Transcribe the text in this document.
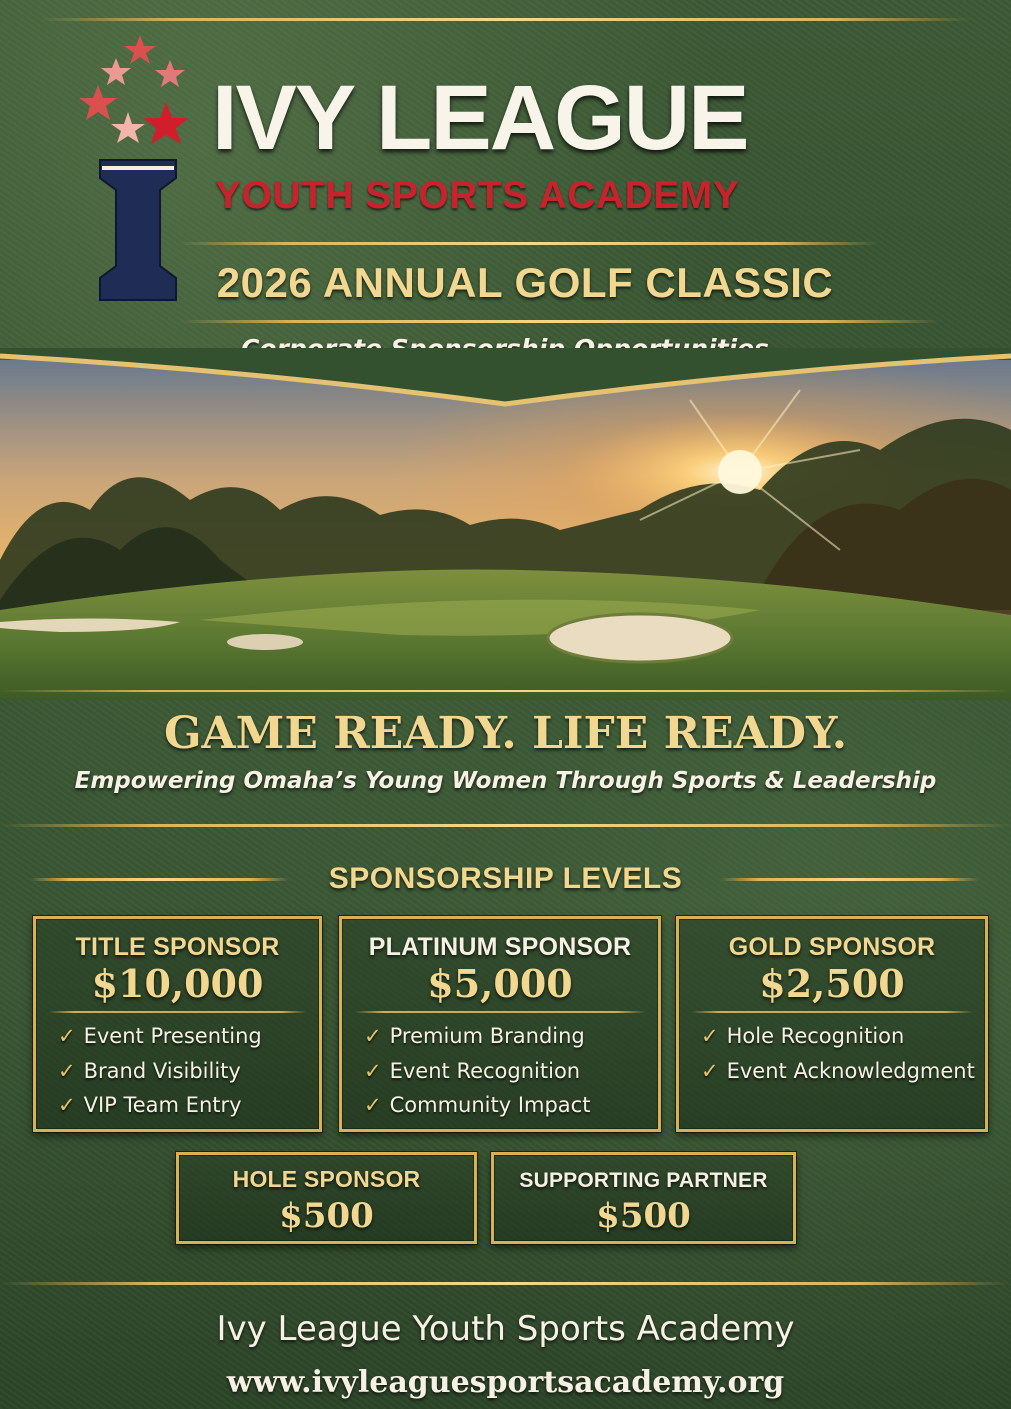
IVY LEAGUE
YOUTH SPORTS ACADEMY
2026 ANNUAL GOLF CLASSIC
GAME READY. LIFE READY.
Empowering Omaha’s Young Women Through Sports & Leadership
SPONSORSHIP LEVELS
TITLE SPONSOR
$10,000
✓ Event Presenting
✓ Brand Visibility
✓ VIP Team Entry
PLATINUM SPONSOR
$5,000
✓ Premium Branding
✓ Event Recognition
✓ Community Impact
GOLD SPONSOR
$2,500
✓ Hole Recognition
✓ Event Acknowledgment
HOLE SPONSOR
$500
SUPPORTING PARTNER
$500
Ivy League Youth Sports Academy
www.ivyleaguesportsacademy.org
